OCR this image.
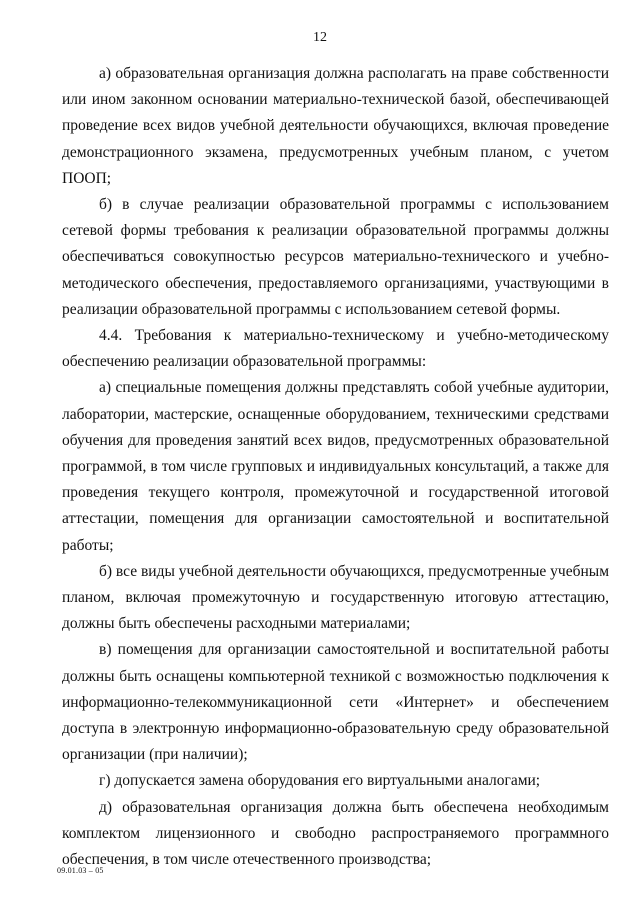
12

а) образовательная организация должна располагать на праве собственности или ином законном основании материально-технической базой, обеспечивающей проведение всех видов учебной деятельности обучающихся, включая проведение демонстрационного экзамена, предусмотренных учебным планом, с учетом ПООП;

б) в случае реализации образовательной программы с использованием сетевой формы требования к реализации образовательной программы должны обеспечиваться совокупностью ресурсов материально-технического и учебно-методического обеспечения, предоставляемого организациями, участвующими в реализации образовательной программы с использованием сетевой формы.

4.4. Требования к материально-техническому и учебно-методическому обеспечению реализации образовательной программы:

а) специальные помещения должны представлять собой учебные аудитории, лаборатории, мастерские, оснащенные оборудованием, техническими средствами обучения для проведения занятий всех видов, предусмотренных образовательной программой, в том числе групповых и индивидуальных консультаций, а также для проведения текущего контроля, промежуточной и государственной итоговой аттестации, помещения для организации самостоятельной и воспитательной работы;

б) все виды учебной деятельности обучающихся, предусмотренные учебным планом, включая промежуточную и государственную итоговую аттестацию, должны быть обеспечены расходными материалами;

в) помещения для организации самостоятельной и воспитательной работы должны быть оснащены компьютерной техникой с возможностью подключения к информационно-телекоммуникационной сети «Интернет» и обеспечением доступа в электронную информационно-образовательную среду образовательной организации (при наличии);

г) допускается замена оборудования его виртуальными аналогами;

д) образовательная организация должна быть обеспечена необходимым комплектом лицензионного и свободно распространяемого программного обеспечения, в том числе отечественного производства;

09.01.03 – 05
